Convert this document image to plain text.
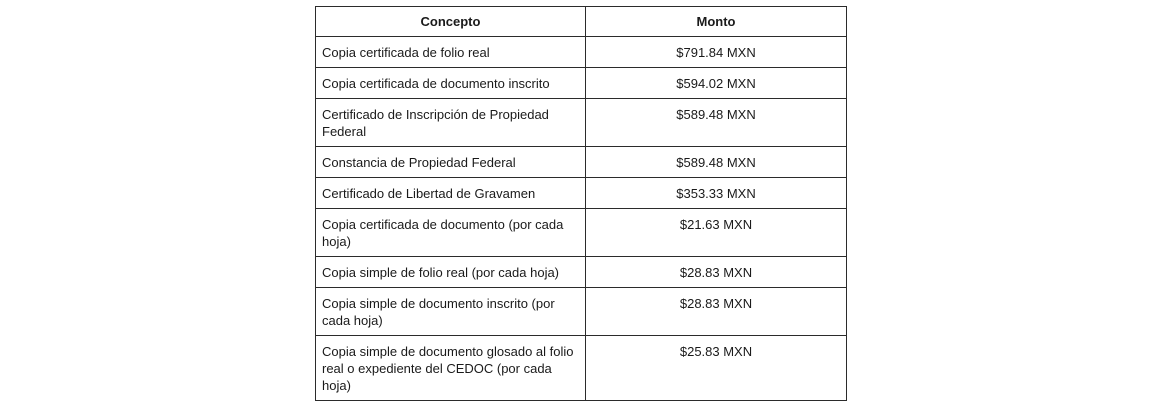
Concepto	Monto
Copia certificada de folio real	$791.84 MXN
Copia certificada de documento inscrito	$594.02 MXN
Certificado de Inscripción de Propiedad Federal	$589.48 MXN
Constancia de Propiedad Federal	$589.48 MXN
Certificado de Libertad de Gravamen	$353.33 MXN
Copia certificada de documento (por cada hoja)	$21.63 MXN
Copia simple de folio real (por cada hoja)	$28.83 MXN
Copia simple de documento inscrito (por cada hoja)	$28.83 MXN
Copia simple de documento glosado al folio real o expediente del CEDOC (por cada hoja)	$25.83 MXN
